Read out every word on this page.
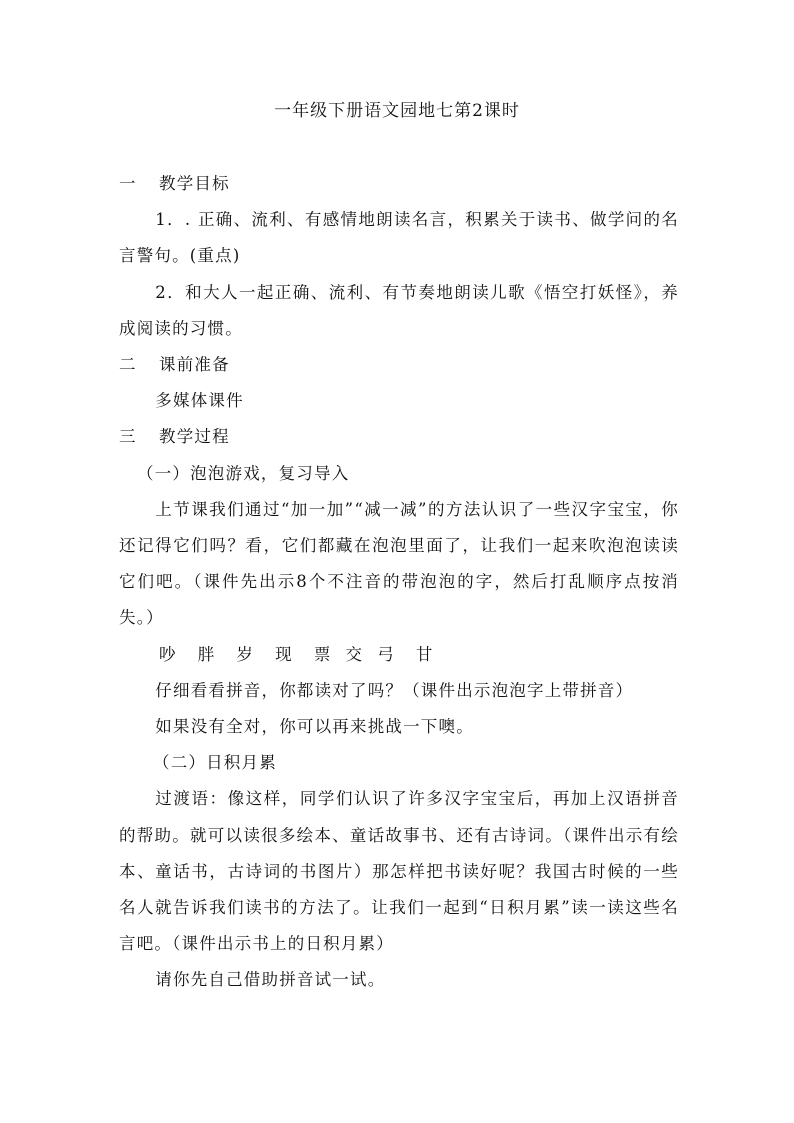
一年级下册语文园地七第2课时

一 教学目标

1．. 正确、流利、有感情地朗读名言，积累关于读书、做学问的名言警句。(重点)

2．和大人一起正确、流利、有节奏地朗读儿歌《悟空打妖怪》，养成阅读的习惯。

二 课前准备

多媒体课件

三 教学过程

（一）泡泡游戏，复习导入

上节课我们通过“加一加”“减一减”的方法认识了一些汉字宝宝，你还记得它们吗？看，它们都藏在泡泡里面了，让我们一起来吹泡泡读读它们吧。（课件先出示8个不注音的带泡泡的字，然后打乱顺序点按消失。）

吵 胖 岁 现 票 交 弓 甘

仔细看看拼音，你都读对了吗？（课件出示泡泡字上带拼音）

如果没有全对，你可以再来挑战一下噢。

（二）日积月累

过渡语：像这样，同学们认识了许多汉字宝宝后，再加上汉语拼音的帮助。就可以读很多绘本、童话故事书、还有古诗词。（课件出示有绘本、童话书，古诗词的书图片）那怎样把书读好呢？我国古时候的一些名人就告诉我们读书的方法了。让我们一起到“日积月累”读一读这些名言吧。（课件出示书上的日积月累）

请你先自己借助拼音试一试。
